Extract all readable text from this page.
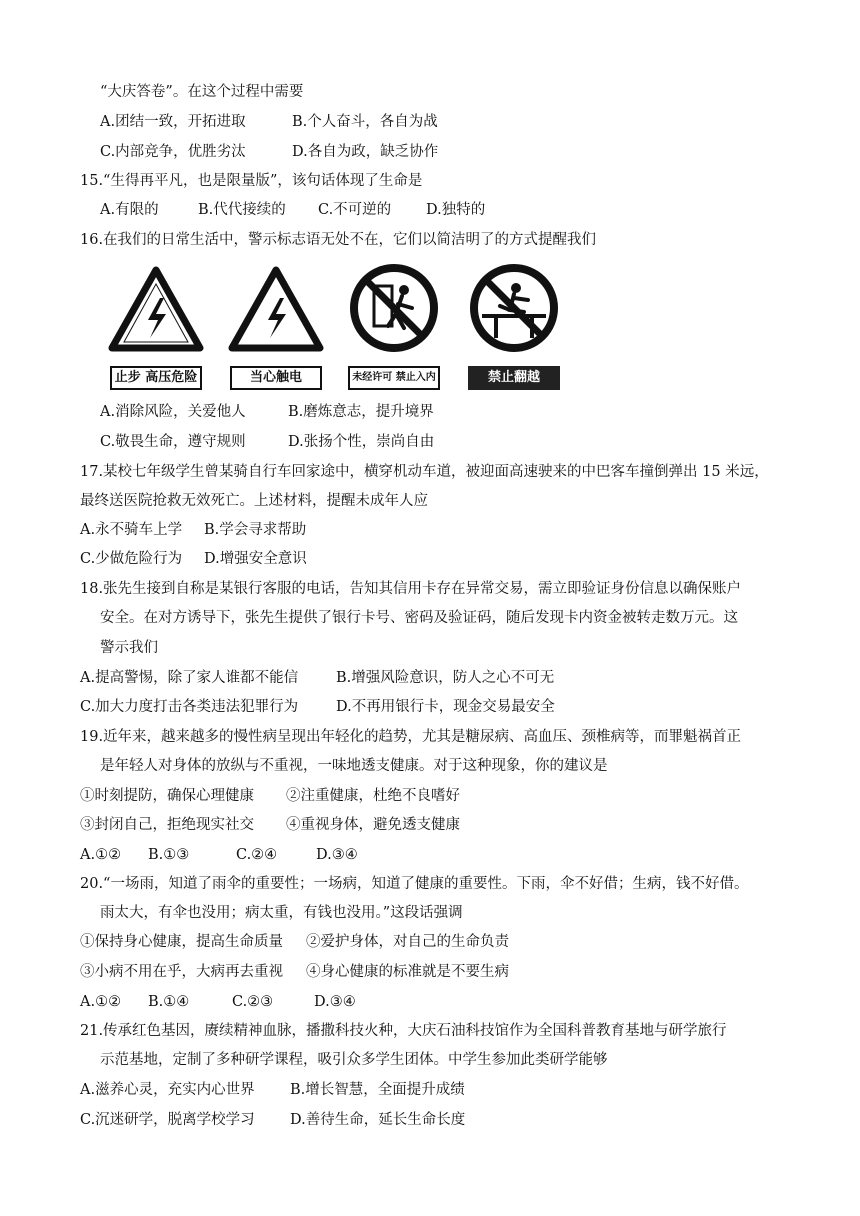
“大庆答卷”。在这个过程中需要
A.团结一致，开拓进取	B.个人奋斗，各自为战
C.内部竞争，优胜劣汰	D.各自为政，缺乏协作
15.“生得再平凡，也是限量版”，该句话体现了生命是
A.有限的	B.代代接续的 C.不可逆的 D.独特的
16.在我们的日常生活中，警示标志语无处不在，它们以简洁明了的方式提醒我们
止步 高压危险	当心触电	未经许可 禁止入内	禁止翻越
A.消除风险，关爱他人	B.磨炼意志，提升境界
C.敬畏生命，遵守规则	D.张扬个性，崇尚自由
17.某校七年级学生曾某骑自行车回家途中，横穿机动车道，被迎面高速驶来的中巴客车撞倒弹出 15 米远，
最终送医院抢救无效死亡。上述材料，提醒未成年人应
A.永不骑车上学 B.学会寻求帮助
C.少做危险行为 D.增强安全意识
18.张先生接到自称是某银行客服的电话，告知其信用卡存在异常交易，需立即验证身份信息以确保账户
安全。在对方诱导下，张先生提供了银行卡号、密码及验证码，随后发现卡内资金被转走数万元。这
警示我们
A.提高警惕，除了家人谁都不能信	B.增强风险意识，防人之心不可无
C.加大力度打击各类违法犯罪行为	D.不再用银行卡，现金交易最安全
19.近年来，越来越多的慢性病呈现出年轻化的趋势，尤其是糖尿病、高血压、颈椎病等，而罪魁祸首正
是年轻人对身体的放纵与不重视，一味地透支健康。对于这种现象，你的建议是
①时刻提防，确保心理健康 ②注重健康，杜绝不良嗜好
③封闭自己，拒绝现实社交 ④重视身体，避免透支健康
A.①② B.①③	C.②④	D.③④
20.“一场雨，知道了雨伞的重要性；一场病，知道了健康的重要性。下雨，伞不好借；生病，钱不好借。
雨太大，有伞也没用；病太重，有钱也没用。”这段话强调
①保持身心健康，提高生命质量 ②爱护身体，对自己的生命负责
③小病不用在乎，大病再去重视 ④身心健康的标准就是不要生病
A.①② B.①④	C.②③	D.③④
21.传承红色基因，赓续精神血脉，播撒科技火种，大庆石油科技馆作为全国科普教育基地与研学旅行
示范基地，定制了多种研学课程，吸引众多学生团体。中学生参加此类研学能够
A.滋养心灵，充实内心世界 B.增长智慧，全面提升成绩
C.沉迷研学，脱离学校学习 D.善待生命，延长生命长度
